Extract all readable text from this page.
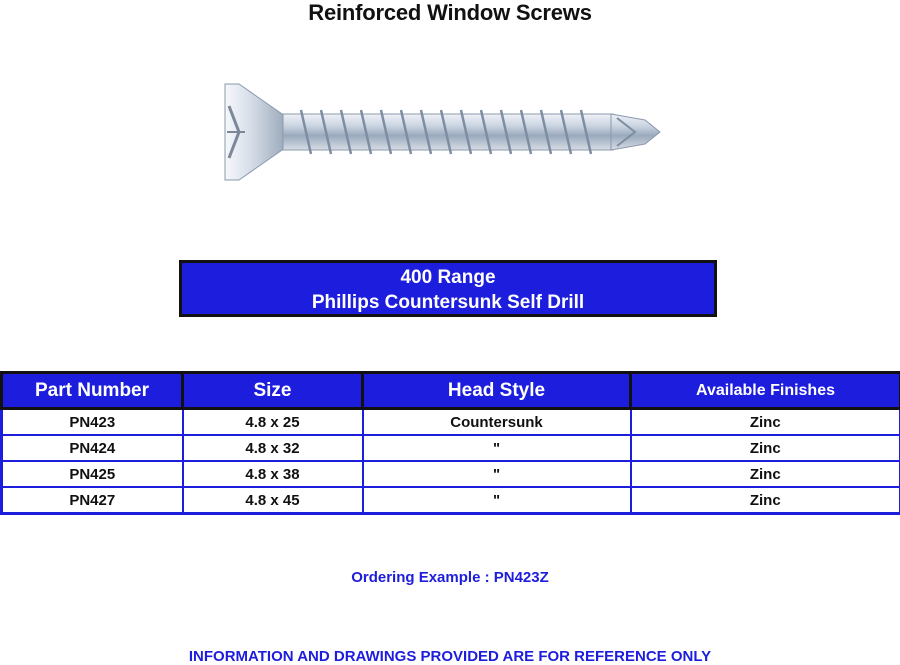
Reinforced Window Screws
400 Range
Phillips Countersunk Self Drill
Part Number	Size	Head Style	Available Finishes
PN423	4.8 x 25	Countersunk	Zinc
PN424	4.8 x 32	"	Zinc
PN425	4.8 x 38	"	Zinc
PN427	4.8 x 45	"	Zinc
Ordering Example : PN423Z
INFORMATION AND DRAWINGS PROVIDED ARE FOR REFERENCE ONLY
